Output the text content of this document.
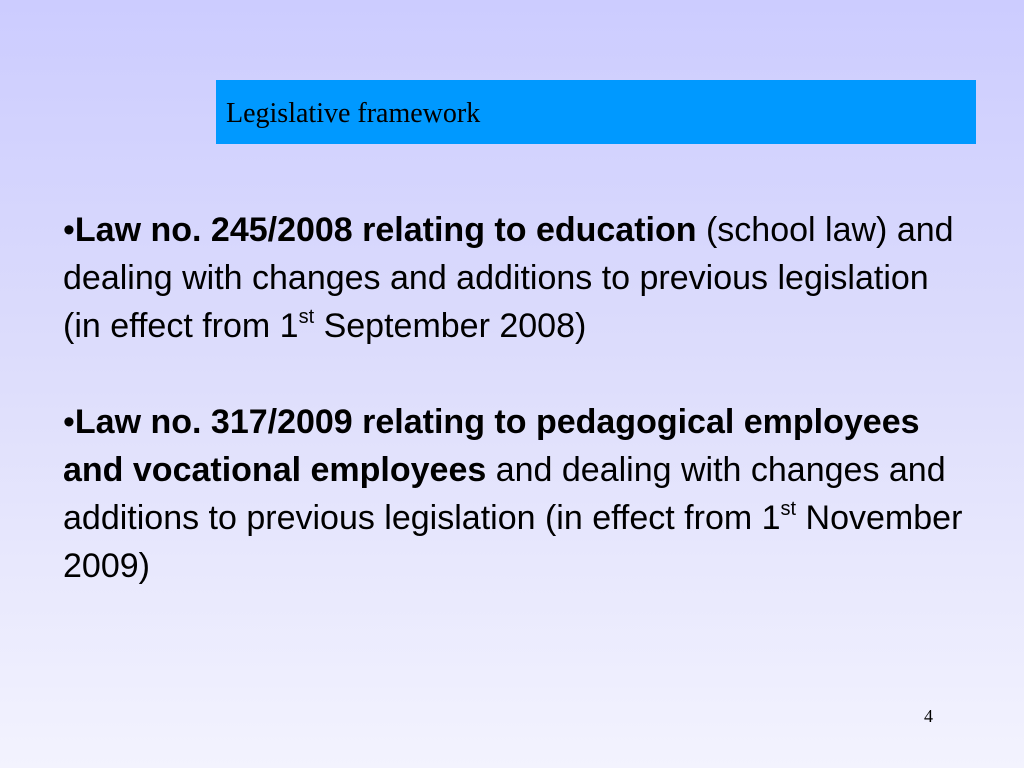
Legislative framework

•Law no. 245/2008 relating to education (school law) and dealing with changes and additions to previous legislation (in effect from 1st September 2008)

•Law no. 317/2009 relating to pedagogical employees and vocational employees and dealing with changes and additions to previous legislation (in effect from 1st November 2009)

4
